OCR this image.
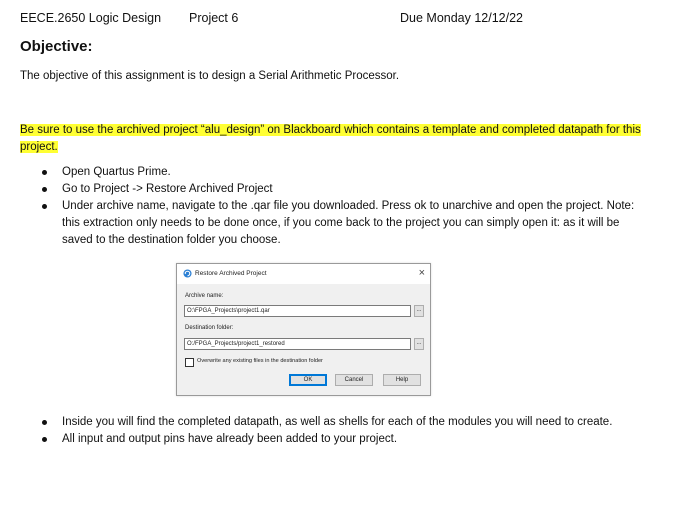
EECE.2650 Logic Design Project 6	Due Monday 12/12/22
Objective:
The objective of this assignment is to design a Serial Arithmetic Processor.
Be sure to use the archived project “alu_design” on Blackboard which contains a template and completed datapath for this project.
Open Quartus Prime.
Go to Project -> Restore Archived Project
Under archive name, navigate to the .qar file you downloaded. Press ok to unarchive and open the project. Note: this extraction only needs to be done once, if you come back to the project you can simply open it: as it will be saved to the destination folder you choose.
Restore Archived Project	×
Archive name:
O:\FPGA_Projects\project1.qar	...
Destination folder:
O:/FPGA_Projects/project1_restored	...
Overwrite any existing files in the destination folder
OK	Cancel	Help
Inside you will find the completed datapath, as well as shells for each of the modules you will need to create.
All input and output pins have already been added to your project.
